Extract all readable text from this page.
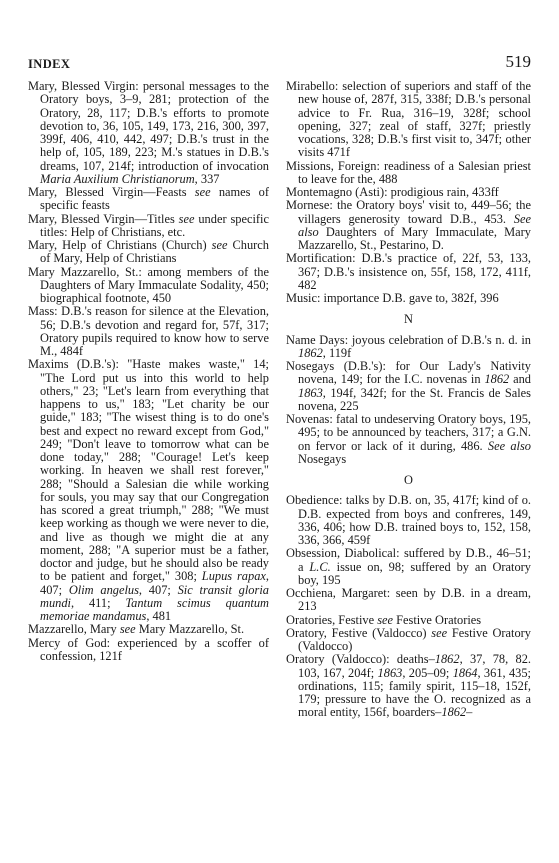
INDEX	519

Mary, Blessed Virgin: personal messages to the Oratory boys, 3–9, 281; protection of the Oratory, 28, 117; D.B.'s efforts to promote devotion to, 36, 105, 149, 173, 216, 300, 397, 399f, 406, 410, 442, 497; D.B.'s trust in the help of, 105, 189, 223; M.'s statues in D.B.'s dreams, 107, 214f; introduction of invocation Maria Auxilium Christianorum, 337

Mary, Blessed Virgin—Feasts see names of specific feasts

Mary, Blessed Virgin—Titles see under specific titles: Help of Christians, etc.

Mary, Help of Christians (Church) see Church of Mary, Help of Christians

Mary Mazzarello, St.: among members of the Daughters of Mary Immaculate Sodality, 450; biographical footnote, 450

Mass: D.B.'s reason for silence at the Elevation, 56; D.B.'s devotion and regard for, 57f, 317; Oratory pupils required to know how to serve M., 484f

Maxims (D.B.'s): "Haste makes waste," 14; "The Lord put us into this world to help others," 23; "Let's learn from everything that happens to us," 183; "Let charity be our guide," 183; "The wisest thing is to do one's best and expect no reward except from God," 249; "Don't leave to tomorrow what can be done today," 288; "Courage! Let's keep working. In heaven we shall rest forever," 288; "Should a Salesian die while working for souls, you may say that our Congregation has scored a great triumph," 288; "We must keep working as though we were never to die, and live as though we might die at any moment, 288; "A superior must be a father, doctor and judge, but he should also be ready to be patient and forget," 308; Lupus rapax, 407; Olim angelus, 407; Sic transit gloria mundi, 411; Tantum scimus quantum memoriae mandamus, 481

Mazzarello, Mary see Mary Mazzarello, St.

Mercy of God: experienced by a scoffer of confession, 121f

Mirabello: selection of superiors and staff of the new house of, 287f, 315, 338f; D.B.'s personal advice to Fr. Rua, 316–19, 328f; school opening, 327; zeal of staff, 327f; priestly vocations, 328; D.B.'s first visit to, 347f; other visits 471f

Missions, Foreign: readiness of a Salesian priest to leave for the, 488

Montemagno (Asti): prodigious rain, 433ff

Mornese: the Oratory boys' visit to, 449–56; the villagers generosity toward D.B., 453. See also Daughters of Mary Immaculate, Mary Mazzarello, St., Pestarino, D.

Mortification: D.B.'s practice of, 22f, 53, 133, 367; D.B.'s insistence on, 55f, 158, 172, 411f, 482

Music: importance D.B. gave to, 382f, 396

N

Name Days: joyous celebration of D.B.'s n. d. in 1862, 119f

Nosegays (D.B.'s): for Our Lady's Nativity novena, 149; for the I.C. novenas in 1862 and 1863, 194f, 342f; for the St. Francis de Sales novena, 225

Novenas: fatal to undeserving Oratory boys, 195, 495; to be announced by teachers, 317; a G.N. on fervor or lack of it during, 486. See also Nosegays

O

Obedience: talks by D.B. on, 35, 417f; kind of o. D.B. expected from boys and confreres, 149, 336, 406; how D.B. trained boys to, 152, 158, 336, 366, 459f

Obsession, Diabolical: suffered by D.B., 46–51; a L.C. issue on, 98; suffered by an Oratory boy, 195

Occhiena, Margaret: seen by D.B. in a dream, 213

Oratories, Festive see Festive Oratories

Oratory, Festive (Valdocco) see Festive Oratory (Valdocco)

Oratory (Valdocco): deaths–1862, 37, 78, 82. 103, 167, 204f; 1863, 205–09; 1864, 361, 435; ordinations, 115; family spirit, 115–18, 152f, 179; pressure to have the O. recognized as a moral entity, 156f, boarders–1862–
